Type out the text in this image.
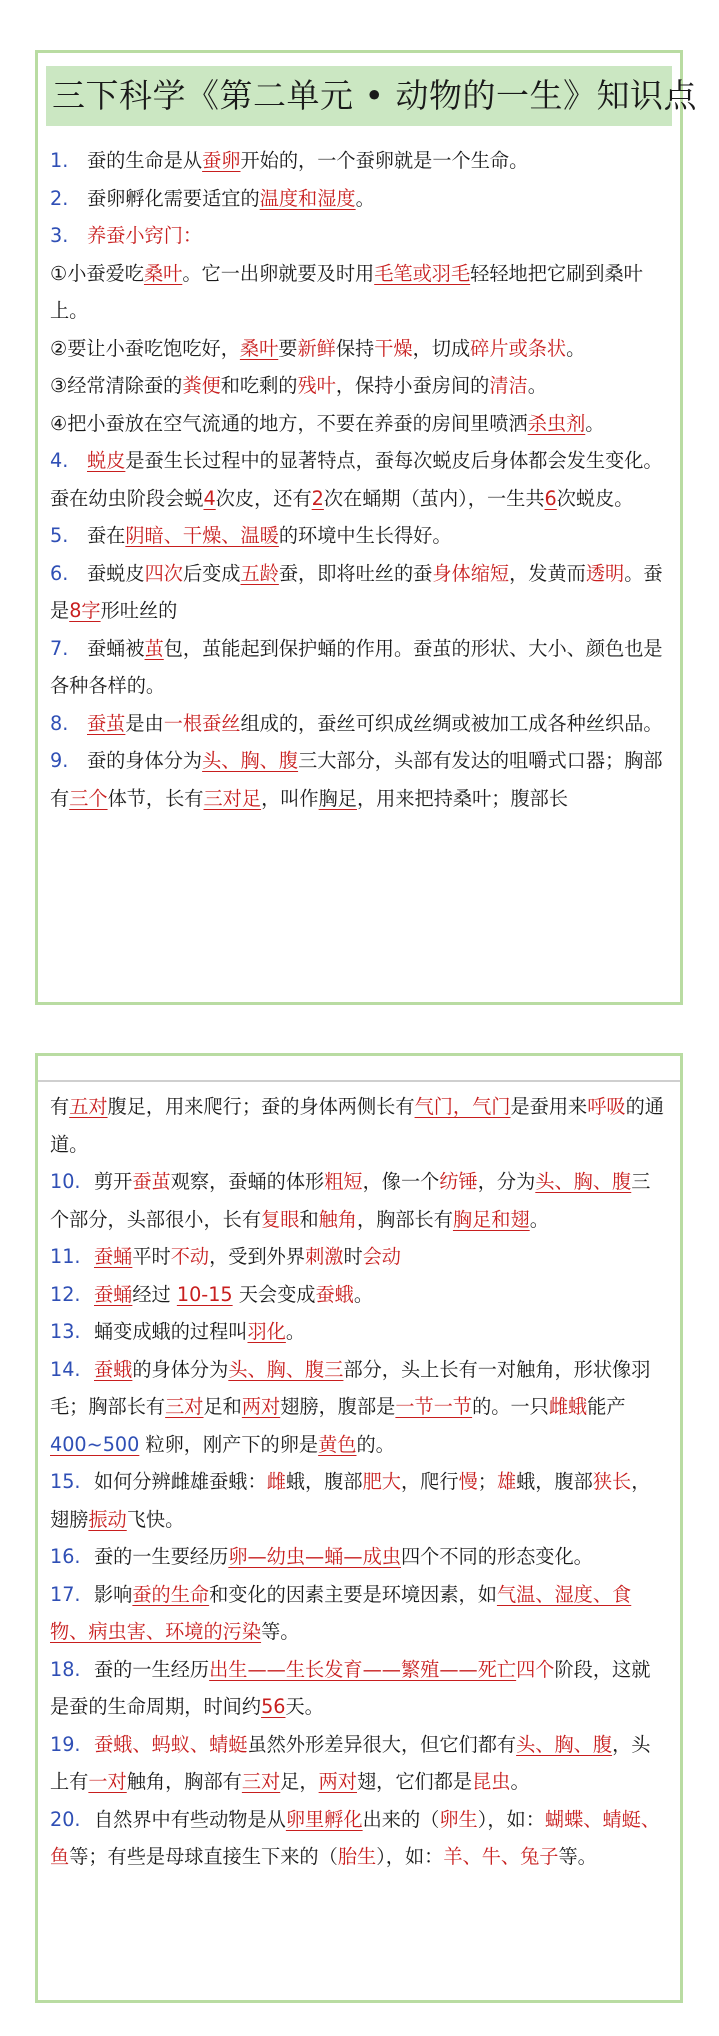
三下科学《第二单元 • 动物的一生》知识点

1. 蚕的生命是从蚕卵开始的，一个蚕卵就是一个生命。

2. 蚕卵孵化需要适宜的温度和湿度。

3. 养蚕小窍门：

①小蚕爱吃桑叶。它一出卵就要及时用毛笔或羽毛轻轻地把它刷到桑叶上。

②要让小蚕吃饱吃好，桑叶要新鲜保持干燥，切成碎片或条状。

③经常清除蚕的粪便和吃剩的残叶，保持小蚕房间的清洁。

④把小蚕放在空气流通的地方，不要在养蚕的房间里喷洒杀虫剂。

4. 蜕皮是蚕生长过程中的显著特点，蚕每次蜕皮后身体都会发生变化。蚕在幼虫阶段会蜕4次皮，还有2次在蛹期（茧内），一生共6次蜕皮。

5. 蚕在阴暗、干燥、温暖的环境中生长得好。

6. 蚕蜕皮四次后变成五龄蚕，即将吐丝的蚕身体缩短，发黄而透明。蚕是8字形吐丝的

7. 蚕蛹被茧包，茧能起到保护蛹的作用。蚕茧的形状、大小、颜色也是各种各样的。

8. 蚕茧是由一根蚕丝组成的，蚕丝可织成丝绸或被加工成各种丝织品。

9. 蚕的身体分为头、胸、腹三大部分，头部有发达的咀嚼式口器；胸部有三个体节，长有三对足，叫作胸足，用来把持桑叶；腹部长

有五对腹足，用来爬行；蚕的身体两侧长有气门，气门是蚕用来呼吸的通道。

10. 剪开蚕茧观察，蚕蛹的体形粗短，像一个纺锤，分为头、胸、腹三个部分，头部很小，长有复眼和触角，胸部长有胸足和翅。

11. 蚕蛹平时不动，受到外界刺激时会动

12. 蚕蛹经过 10-15 天会变成蚕蛾。

13. 蛹变成蛾的过程叫羽化。

14. 蚕蛾的身体分为头、胸、腹三部分，头上长有一对触角，形状像羽毛；胸部长有三对足和两对翅膀，腹部是一节一节的。一只雌蛾能产 400~500 粒卵，刚产下的卵是黄色的。

15. 如何分辨雌雄蚕蛾：雌蛾，腹部肥大，爬行慢；雄蛾，腹部狭长，翅膀振动飞快。

16. 蚕的一生要经历卵—幼虫—蛹—成虫四个不同的形态变化。

17. 影响蚕的生命和变化的因素主要是环境因素，如气温、湿度、食物、病虫害、环境的污染等。

18. 蚕的一生经历出生——生长发育——繁殖——死亡四个阶段，这就是蚕的生命周期，时间约56天。

19. 蚕蛾、蚂蚁、蜻蜓虽然外形差异很大，但它们都有头、胸、腹，头上有一对触角，胸部有三对足，两对翅，它们都是昆虫。

20. 自然界中有些动物是从卵里孵化出来的（卵生），如：蝴蝶、蜻蜓、鱼等；有些是母球直接生下来的（胎生），如：羊、牛、兔子等。
